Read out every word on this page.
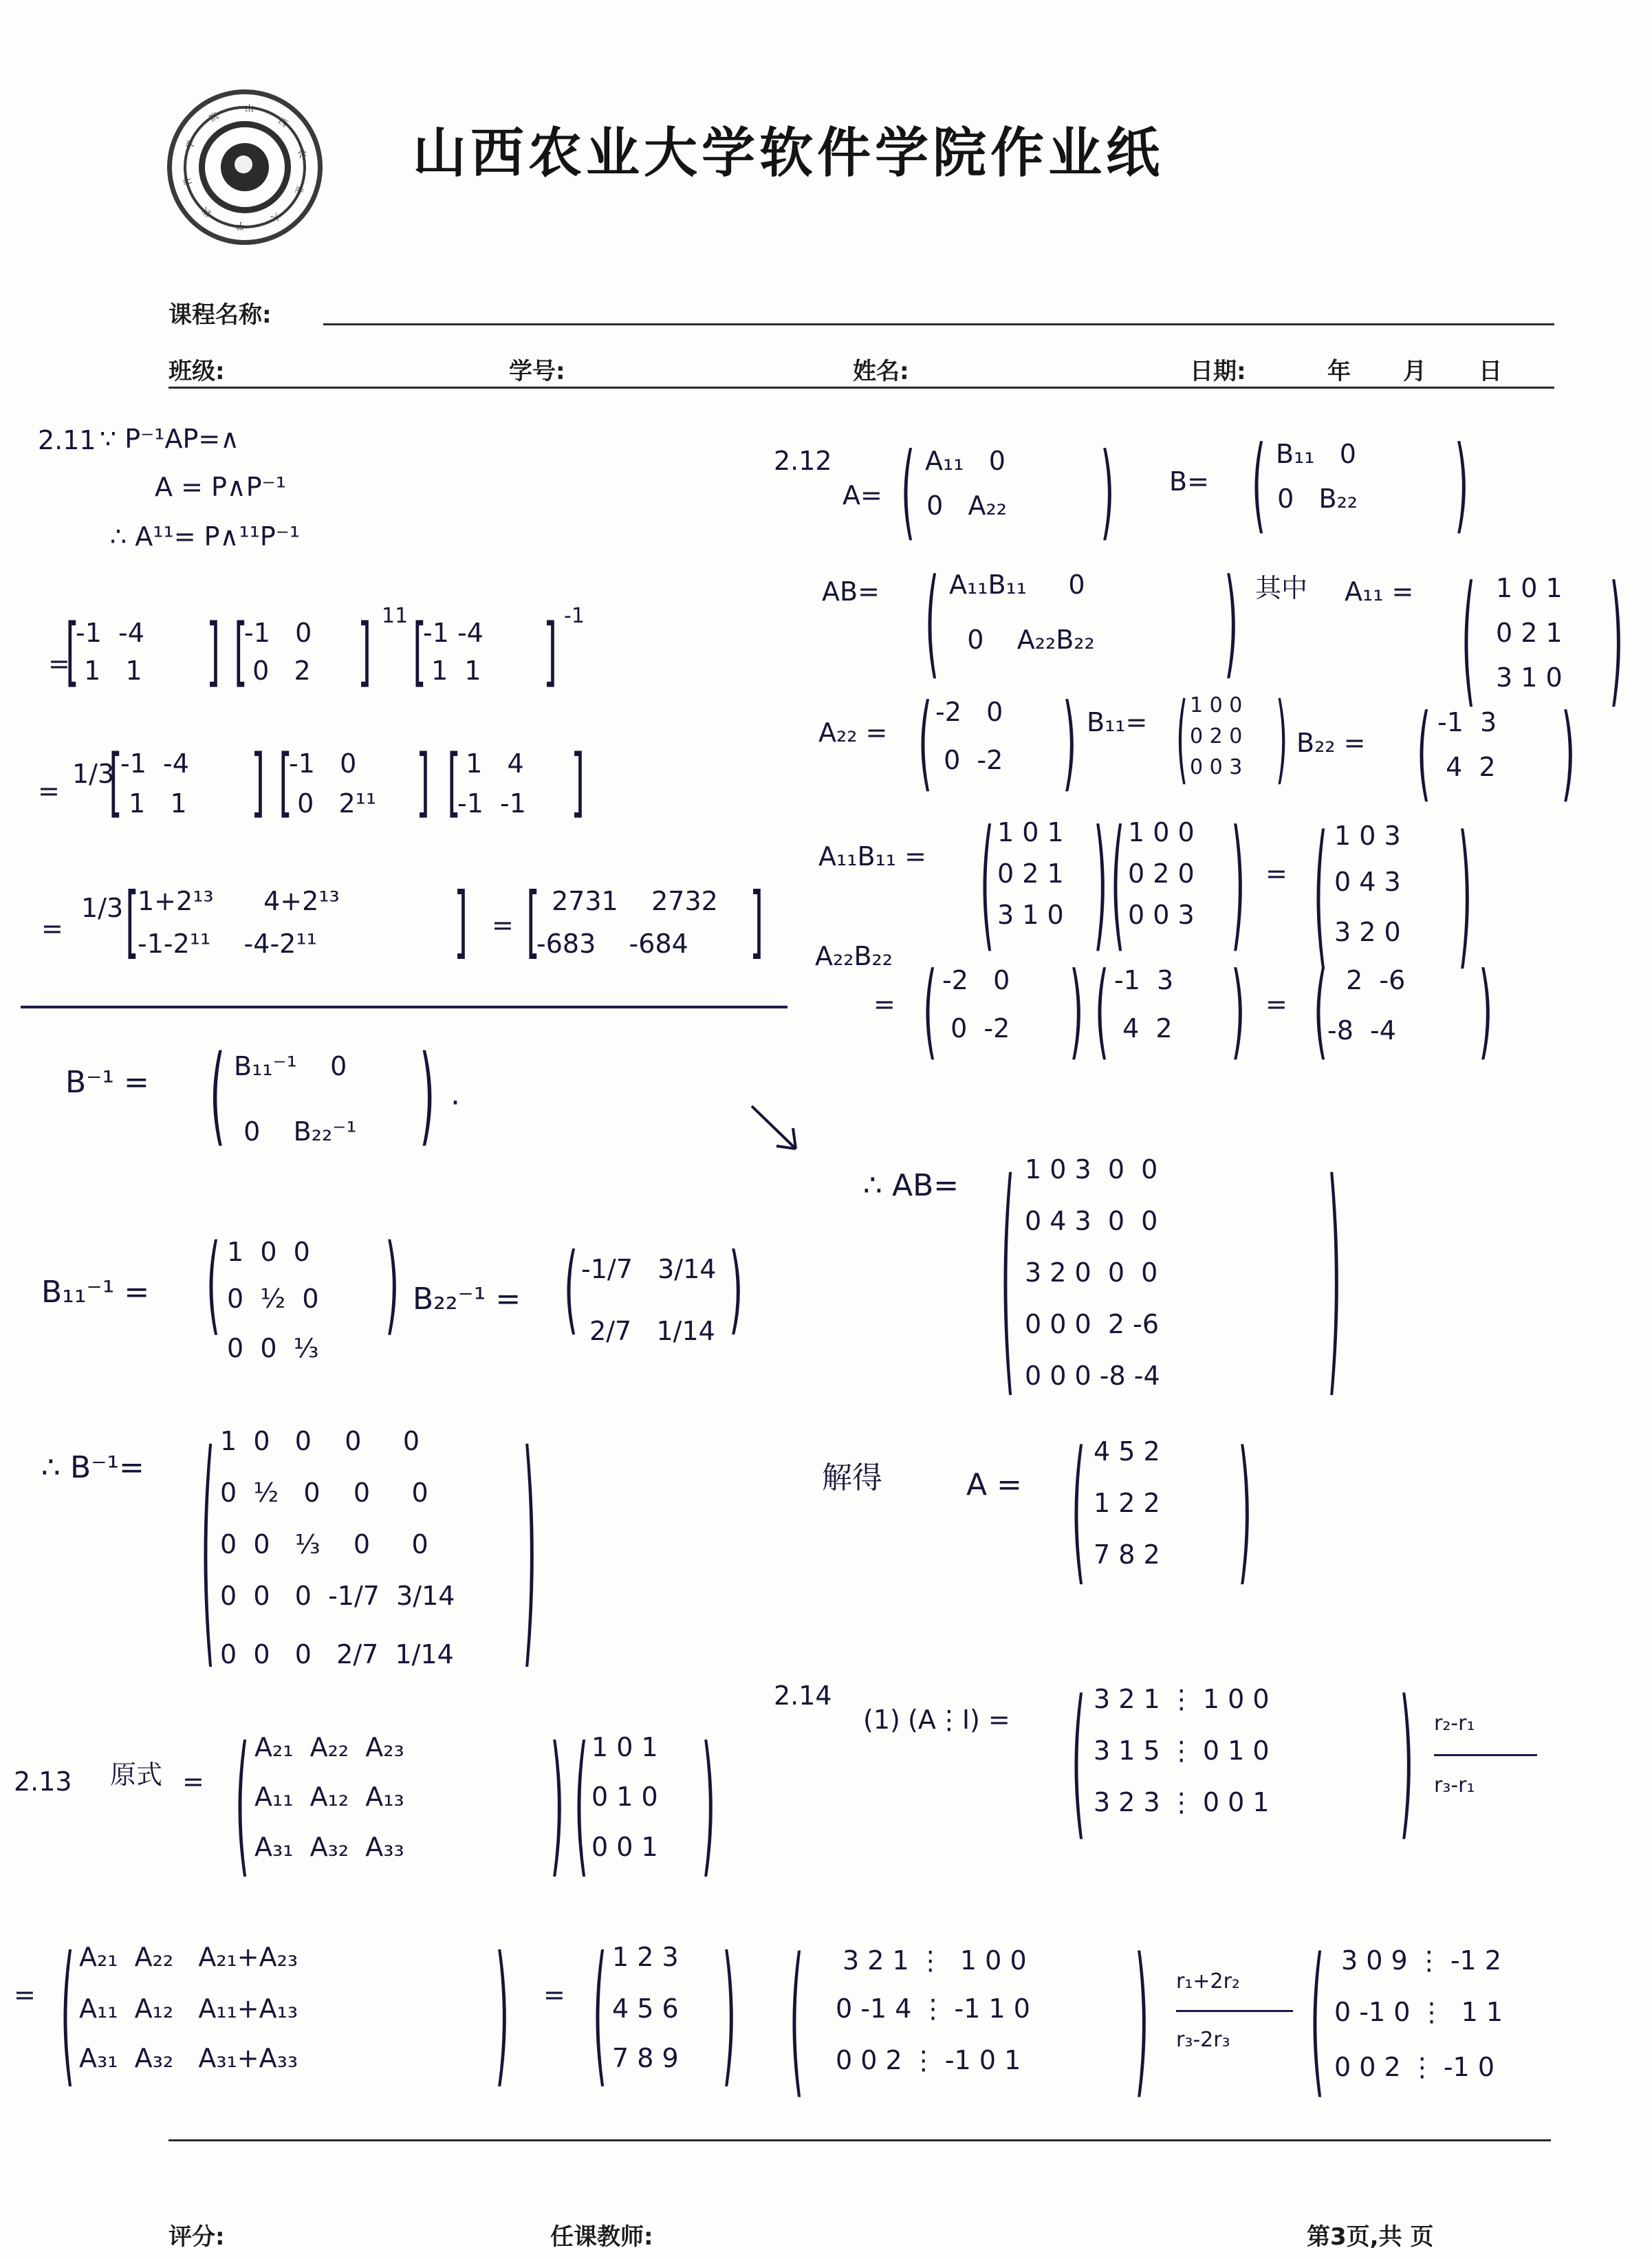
山
西
农
业
大
学
软
件
学
院
山西农业大学软件学院作业纸
课程名称:
班级:	学号:	姓名:	日期:	年 月 日
2.11 ∵ P⁻¹AP=∧
A = P∧P⁻¹
∴ A¹¹= P∧¹¹P⁻¹
=
-1  -4
1   1
[	] -1   0
0   2
[	] 11
-1 -4
1  1
[	] -1
=
1/3 -1  -4
1   1
[	] -1   0
0   2¹¹
[	] 1   4
-1  -1
[	]
=
1/3 1+2¹³      4+2¹³
-1-2¹¹    -4-2¹¹
[	] =
2731    2732
-683    -684
[	]
B⁻¹ =	B₁₁⁻¹    0
0    B₂₂⁻¹
(	) ·
B₁₁⁻¹ =
1  0  0
0  ½  0
0  0  ⅓
(	) B₂₂⁻¹ =
-1/7   3/14
2/7   1/14
(	)
∴ B⁻¹=
1  0   0    0     0
0  ½   0    0     0
0  0   ⅓    0     0
0  0   0  -1/7  3/14
0  0   0   2/7  1/14
(	)
2.13 原式 =
A₂₁  A₂₂  A₂₃
A₁₁  A₁₂  A₁₃
A₃₁  A₃₂  A₃₃
(	) 1 0 1
0 1 0
0 0 1
(	)
=
A₂₁  A₂₂   A₂₁+A₂₃
A₁₁  A₁₂   A₁₁+A₁₃
A₃₁  A₃₂   A₃₁+A₃₃
(	) =
1 2 3
4 5 6
7 8 9
(	)
2.12
A=
A₁₁   0
0   A₂₂
(	) B=
B₁₁   0
0   B₂₂
(	)
AB=	A₁₁B₁₁     0
0    A₂₂B₂₂
(	) 其中 A₁₁ =	1 0 1
0 2 1
3 1 0
(	)
A₂₂ =
-2   0
0  -2
(	) B₁₁=
1 0 0
0 2 0
0 0 3
(	) B₂₂ =
-1  3
4  2
(	)
A₁₁B₁₁ =
1 0 1
0 2 1
3 1 0
(	) 1 0 0
0 2 0
0 0 3
(	) =
1 0 3
0 4 3
3 2 0
(	)
A₂₂B₂₂
=
-2   0
0  -2
(	) -1  3
4  2
(	) =
2  -6
-8  -4
(	)
∴ AB=	1 0 3  0  0
0 4 3  0  0
3 2 0  0  0
0 0 0  2 -6
0 0 0 -8 -4
(	)
解得	A =
4 5 2
1 2 2
7 8 2
(	)
2.14
(1) (A⋮I) =
3 2 1 ⋮ 1 0 0
3 1 5 ⋮ 0 1 0
3 2 3 ⋮ 0 0 1
(	) r₂-r₁
r₃-r₁
3 2 1 ⋮  1 0 0
0 -1 4 ⋮ -1 1 0
0 0 2 ⋮ -1 0 1
(	) r₁+2r₂
r₃-2r₃
3 0 9 ⋮ -1 2
0 -1 0 ⋮  1 1
0 0 2 ⋮ -1 0
(
评分:	任课教师:	第3页,共 页
